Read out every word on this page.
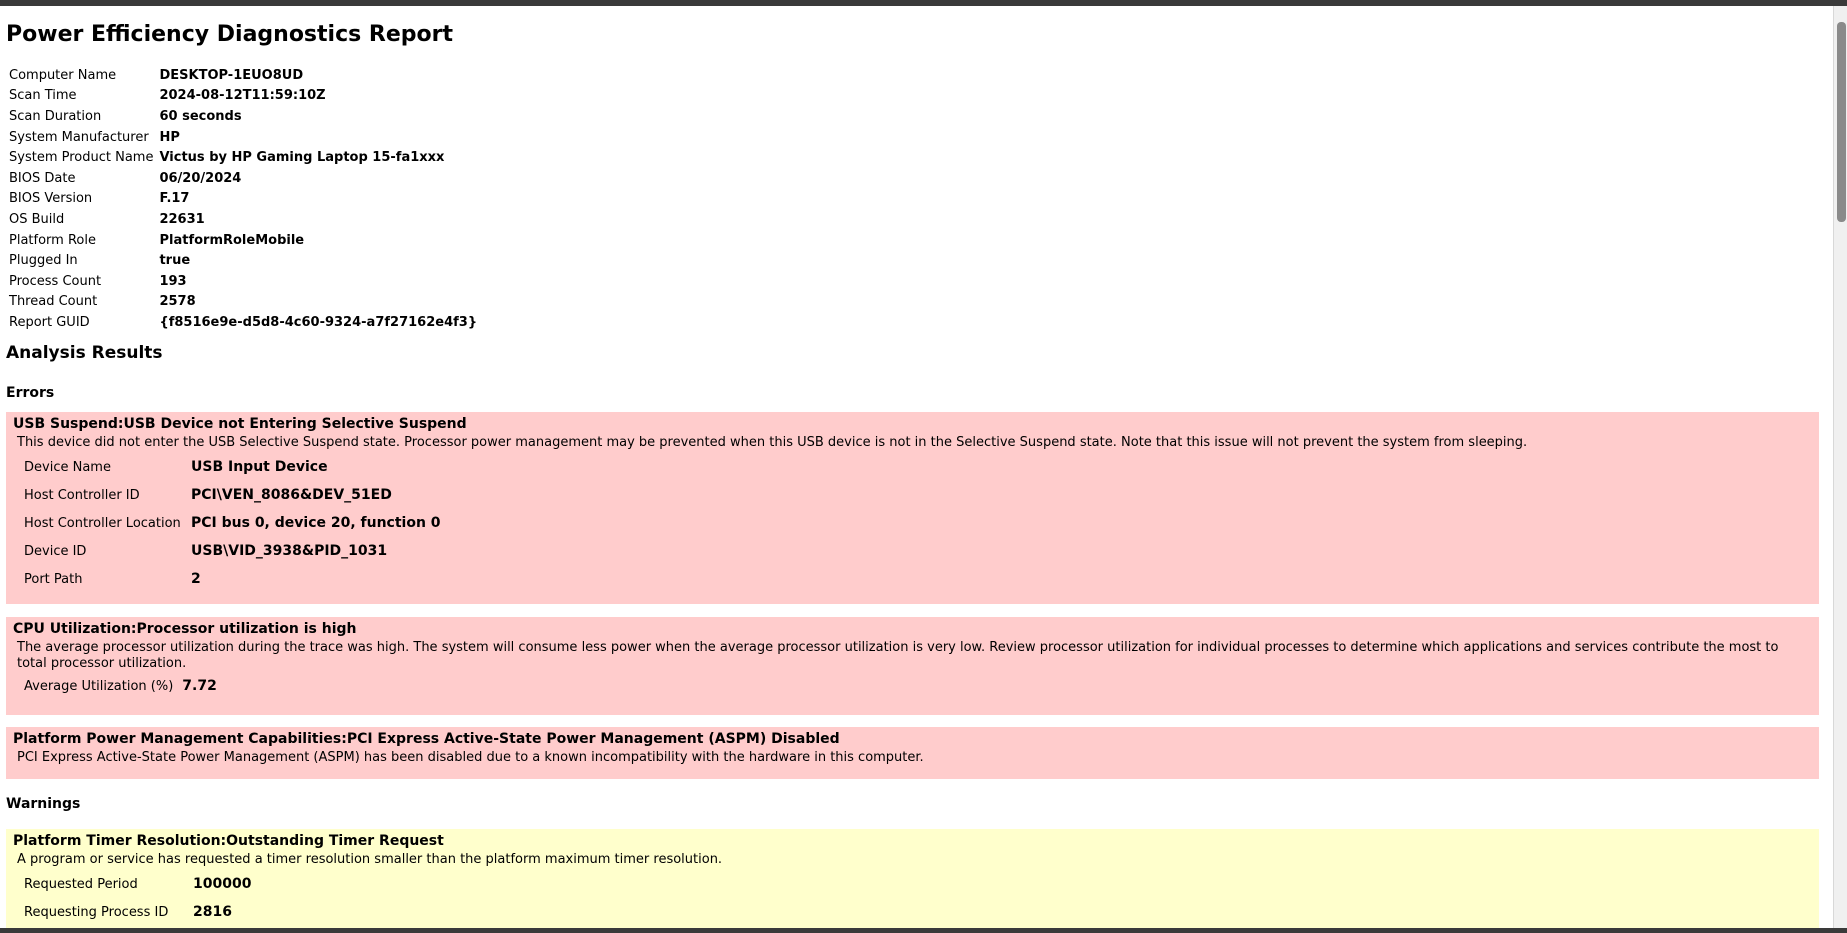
Power Efficiency Diagnostics Report
Computer Name	DESKTOP-1EUO8UD
Scan Time	2024-08-12T11:59:10Z
Scan Duration	60 seconds
System Manufacturer	HP
System Product Name	Victus by HP Gaming Laptop 15-fa1xxx
BIOS Date	06/20/2024
BIOS Version	F.17
OS Build	22631
Platform Role	PlatformRoleMobile
Plugged In	true
Process Count	193
Thread Count	2578
Report GUID	{f8516e9e-d5d8-4c60-9324-a7f27162e4f3}
Analysis Results
Errors
USB Suspend:USB Device not Entering Selective Suspend
This device did not enter the USB Selective Suspend state. Processor power management may be prevented when this USB device is not in the Selective Suspend state. Note that this issue will not prevent the system from sleeping.
Device Name	USB Input Device
Host Controller ID	PCI\VEN_8086&DEV_51ED
Host Controller Location	PCI bus 0, device 20, function 0
Device ID	USB\VID_3938&PID_1031
Port Path	2
CPU Utilization:Processor utilization is high
The average processor utilization during the trace was high. The system will consume less power when the average processor utilization is very low. Review processor utilization for individual processes to determine which applications and services contribute the most to total processor utilization.
Average Utilization (%)	7.72
Platform Power Management Capabilities:PCI Express Active-State Power Management (ASPM) Disabled
PCI Express Active-State Power Management (ASPM) has been disabled due to a known incompatibility with the hardware in this computer.
Warnings
Platform Timer Resolution:Outstanding Timer Request
A program or service has requested a timer resolution smaller than the platform maximum timer resolution.
Requested Period	100000
Requesting Process ID	2816
